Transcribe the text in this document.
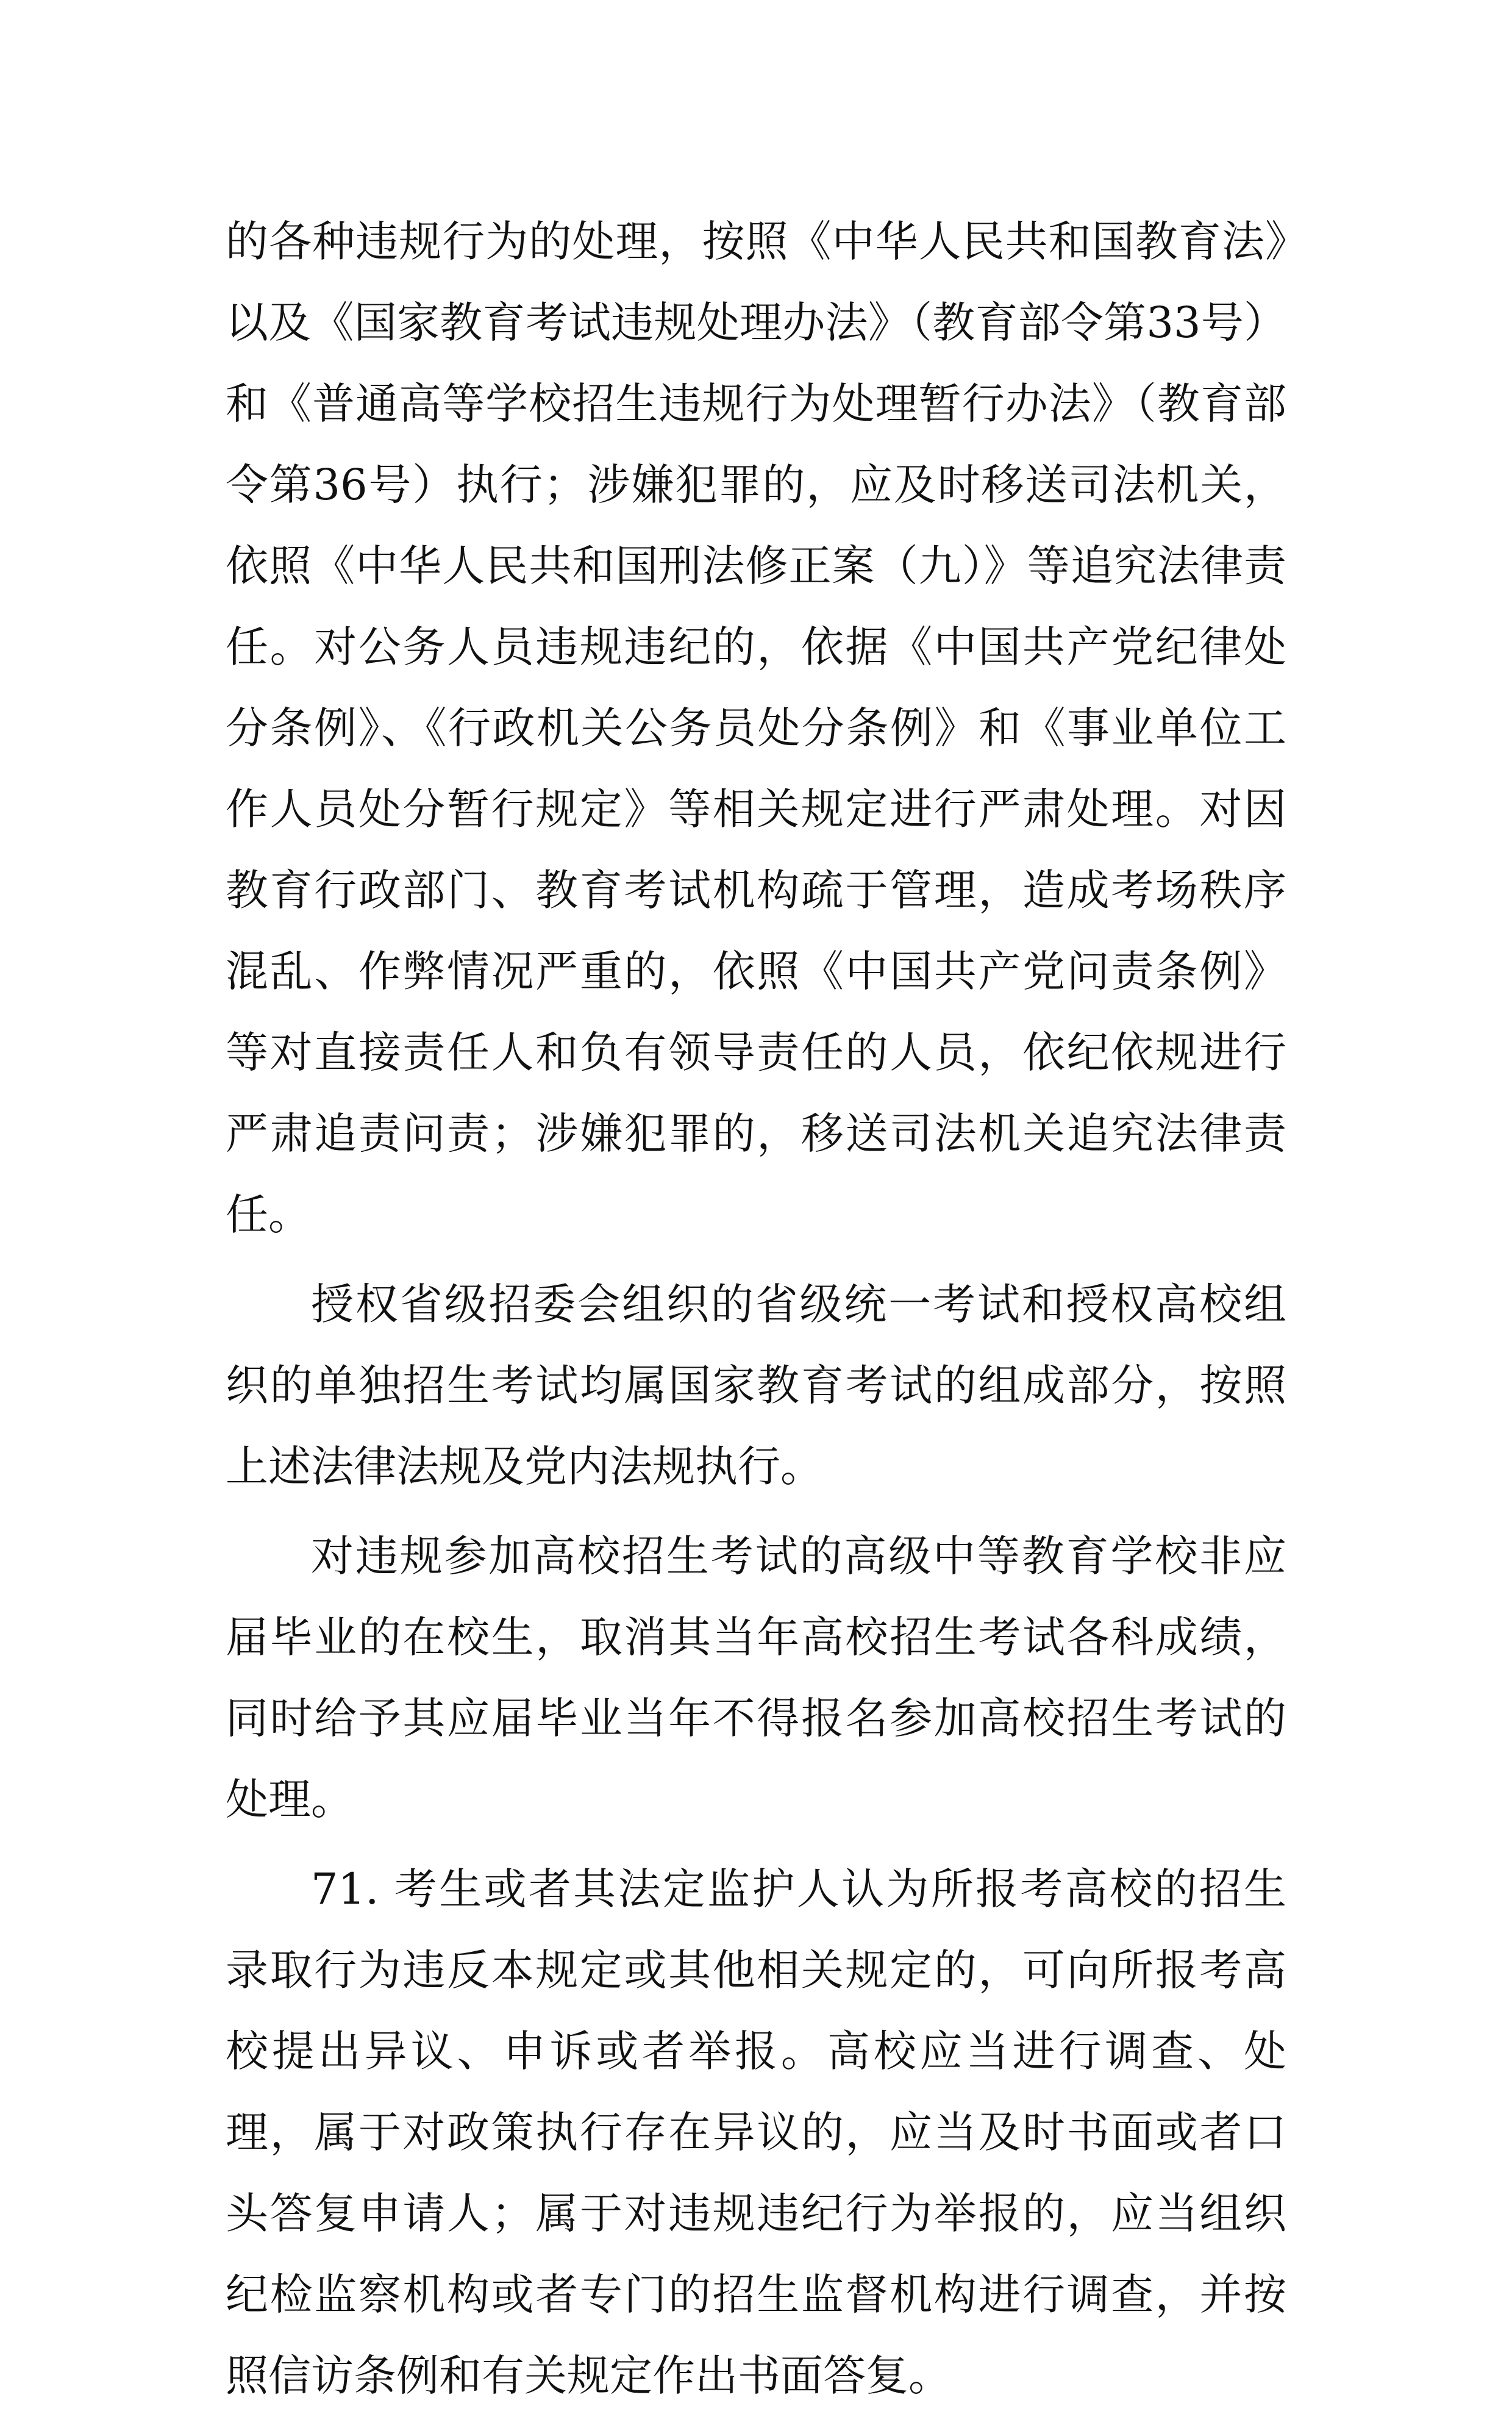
的各种违规行为的处理，按照《中华人民共和国教育法》以及《国家教育考试违规处理办法》（教育部令第33号）和《普通高等学校招生违规行为处理暂行办法》（教育部令第36号）执行；涉嫌犯罪的，应及时移送司法机关，依照《中华人民共和国刑法修正案（九）》等追究法律责任。对公务人员违规违纪的，依据《中国共产党纪律处分条例》、《行政机关公务员处分条例》和《事业单位工作人员处分暂行规定》等相关规定进行严肃处理。对因教育行政部门、教育考试机构疏于管理，造成考场秩序混乱、作弊情况严重的，依照《中国共产党问责条例》等对直接责任人和负有领导责任的人员，依纪依规进行严肃追责问责；涉嫌犯罪的，移送司法机关追究法律责任。

授权省级招委会组织的省级统一考试和授权高校组织的单独招生考试均属国家教育考试的组成部分，按照上述法律法规及党内法规执行。

对违规参加高校招生考试的高级中等教育学校非应届毕业的在校生，取消其当年高校招生考试各科成绩，同时给予其应届毕业当年不得报名参加高校招生考试的处理。

71. 考生或者其法定监护人认为所报考高校的招生录取行为违反本规定或其他相关规定的，可向所报考高校提出异议、申诉或者举报。高校应当进行调查、处理，属于对政策执行存在异议的，应当及时书面或者口头答复申请人；属于对违规违纪行为举报的，应当组织纪检监察机构或者专门的招生监督机构进行调查，并按照信访条例和有关规定作出书面答复。
